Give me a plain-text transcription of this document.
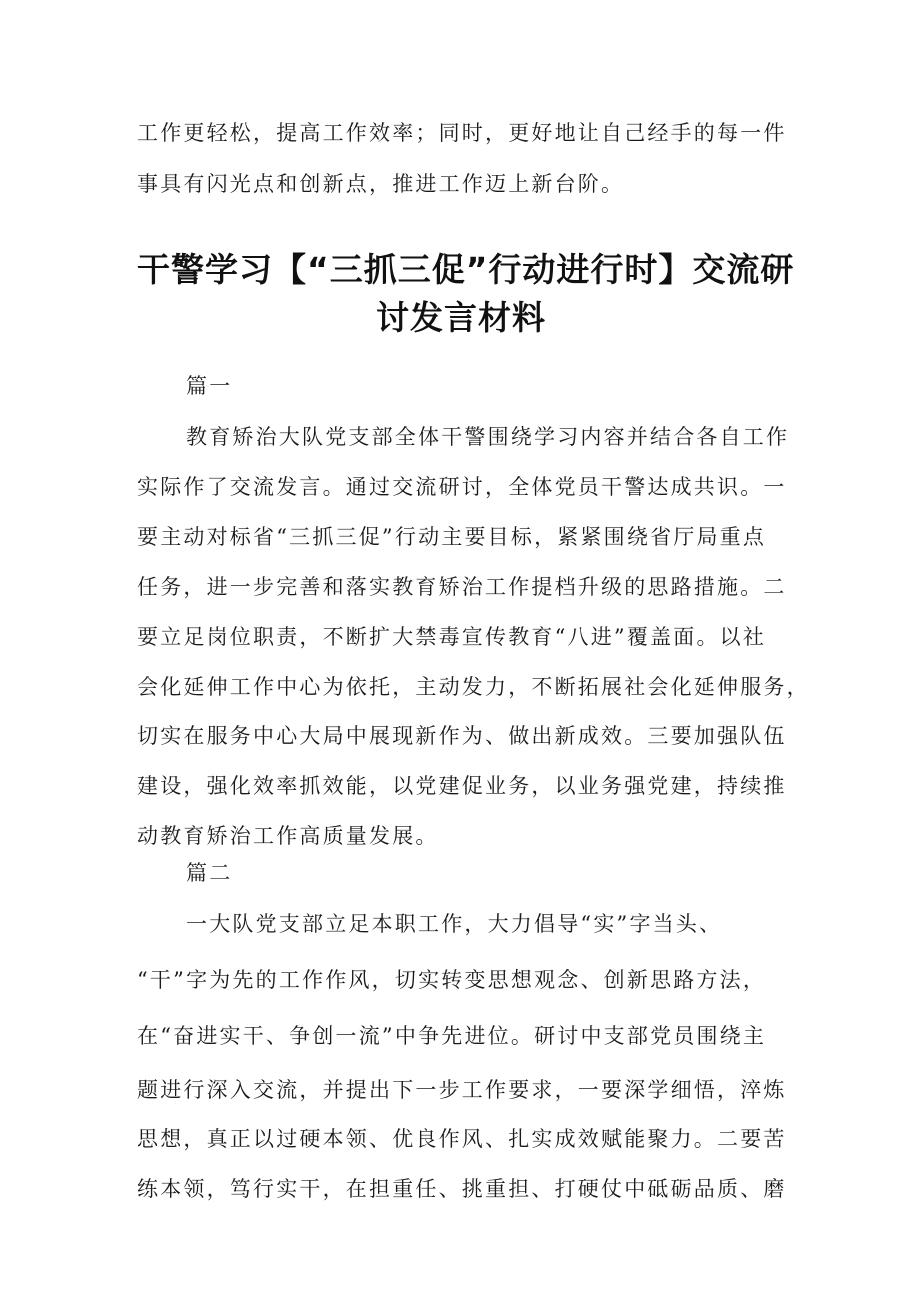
工作更轻松，提高工作效率；同时，更好地让自己经手的每一件
事具有闪光点和创新点，推进工作迈上新台阶。
干警学习【“三抓三促”行动进行时】交流研
讨发言材料
篇一
教育矫治大队党支部全体干警围绕学习内容并结合各自工作
实际作了交流发言。通过交流研讨，全体党员干警达成共识。一
要主动对标省“三抓三促”行动主要目标，紧紧围绕省厅局重点
任务，进一步完善和落实教育矫治工作提档升级的思路措施。二
要立足岗位职责，不断扩大禁毒宣传教育“八进”覆盖面。以社
会化延伸工作中心为依托，主动发力，不断拓展社会化延伸服务，
切实在服务中心大局中展现新作为、做出新成效。三要加强队伍
建设，强化效率抓效能，以党建促业务，以业务强党建，持续推
动教育矫治工作高质量发展。
篇二
一大队党支部立足本职工作，大力倡导“实”字当头、
“干”字为先的工作作风，切实转变思想观念、创新思路方法，
在“奋进实干、争创一流”中争先进位。研讨中支部党员围绕主
题进行深入交流，并提出下一步工作要求，一要深学细悟，淬炼
思想，真正以过硬本领、优良作风、扎实成效赋能聚力。二要苦
练本领，笃行实干，在担重任、挑重担、打硬仗中砥砺品质、磨
